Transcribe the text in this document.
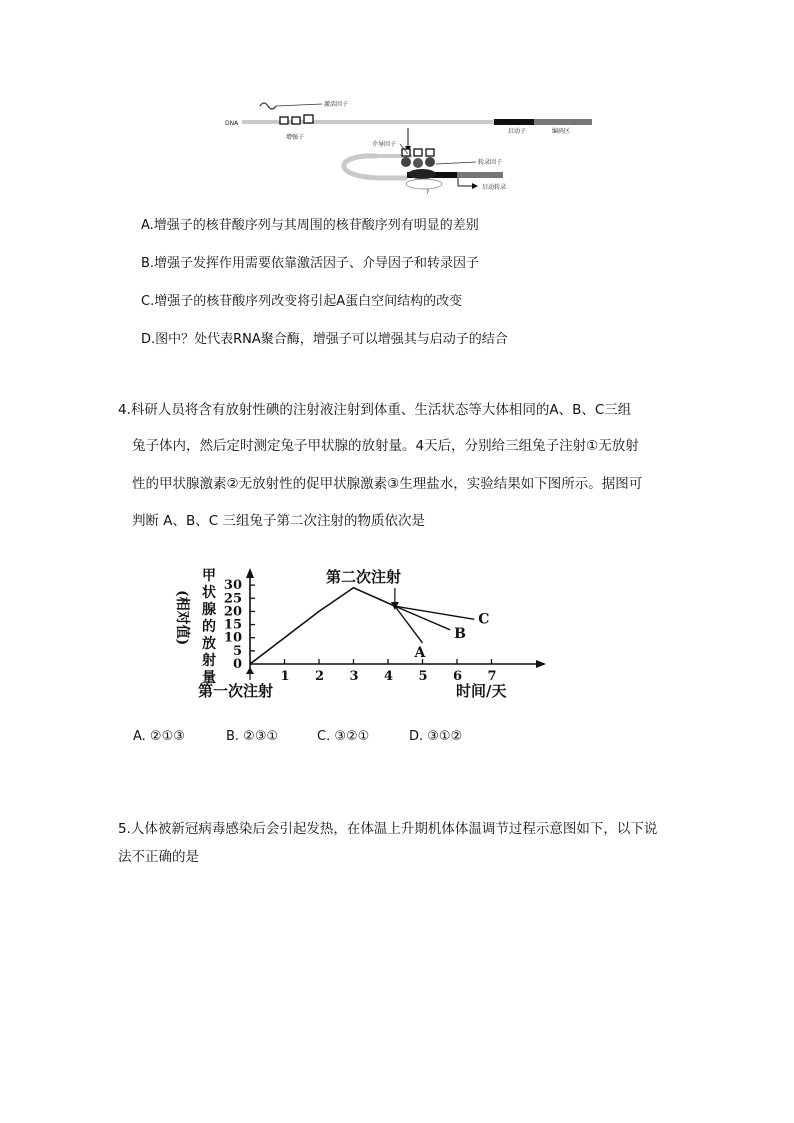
DNA
启动子	编码区
激活因子
增强子
介导因子
转录因子
?
启动转录
A.增强子的核苷酸序列与其周围的核苷酸序列有明显的差别
B.增强子发挥作用需要依靠激活因子、介导因子和转录因子
C.增强子的核苷酸序列改变将引起A蛋白空间结构的改变
D.图中？处代表RNA聚合酶，增强子可以增强其与启动子的结合
4.科研人员将含有放射性碘的注射液注射到体重、生活状态等大体相同的A、B、C三组
兔子体内，然后定时测定兔子甲状腺的放射量。4天后，分别给三组兔子注射①无放射
性的甲状腺激素②无放射性的促甲状腺激素③生理盐水，实验结果如下图所示。据图可
判断 A、B、C 三组兔子第二次注射的物质依次是
甲状腺的放射量
(相对值)
1 2 3 4 5 6 7
0
5
10
15
20
25
30
A
B
C
第二次注射
第一次注射	时间/天
A. ②①③	B. ②③①	C. ③②①	D. ③①②
5.人体被新冠病毒感染后会引起发热，在体温上升期机体体温调节过程示意图如下，以下说
法不正确的是
